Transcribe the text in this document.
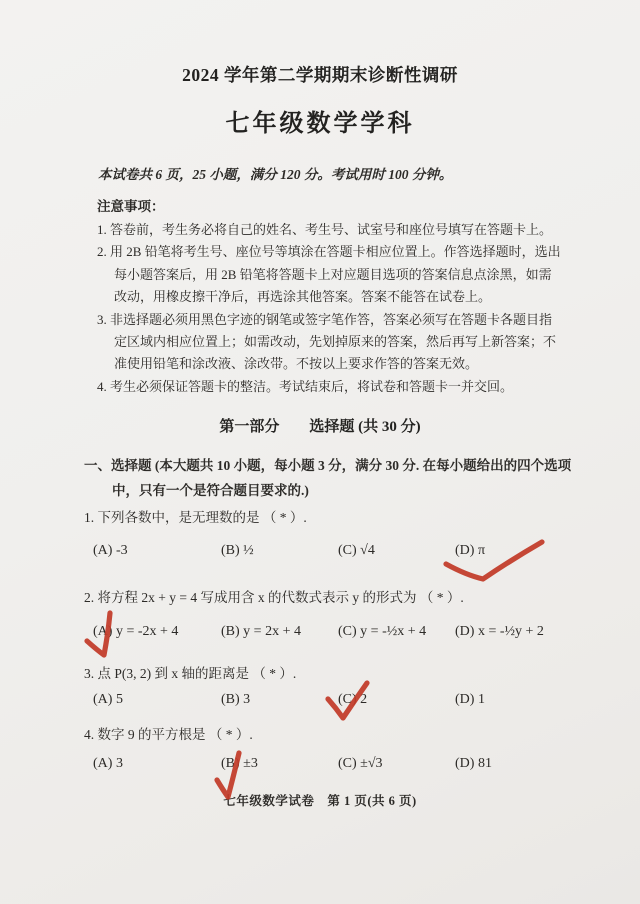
2024 学年第二学期期末诊断性调研
七年级数学学科
本试卷共 6 页，25 小题，满分 120 分。考试用时 100 分钟。
注意事项：
1. 答卷前，考生务必将自己的姓名、考生号、试室号和座位号填写在答题卡上。
2. 用 2B 铅笔将考生号、座位号等填涂在答题卡相应位置上。作答选择题时，选出每小题答案后，用 2B 铅笔将答题卡上对应题目选项的答案信息点涂黑，如需改动，用橡皮擦干净后，再选涂其他答案。答案不能答在试卷上。
3. 非选择题必须用黑色字迹的钢笔或签字笔作答，答案必须写在答题卡各题目指定区域内相应位置上；如需改动，先划掉原来的答案，然后再写上新答案；不准使用铅笔和涂改液、涂改带。不按以上要求作答的答案无效。
4. 考生必须保证答题卡的整洁。考试结束后，将试卷和答题卡一并交回。
第一部分　　选择题 (共 30 分)
一、选择题 (本大题共 10 小题，每小题 3 分，满分 30 分. 在每小题给出的四个选项中，只有一个是符合题目要求的.)
1. 下列各数中，是无理数的是 （ * ）.
(A) -3	(B) ½	(C) √4	(D) π
2. 将方程 2x + y = 4 写成用含 x 的代数式表示 y 的形式为 （ * ）.
(A) y = -2x + 4	(B) y = 2x + 4	(C) y = -½x + 4 (D) x = -½y + 2
3. 点 P(3, 2) 到 x 轴的距离是 （ * ）.
(A) 5	(B) 3	(C) 2	(D) 1
4. 数字 9 的平方根是 （ * ）.
(A) 3	(B) ±3	(C) ±√3	(D) 81
七年级数学试卷　第 1 页(共 6 页)
